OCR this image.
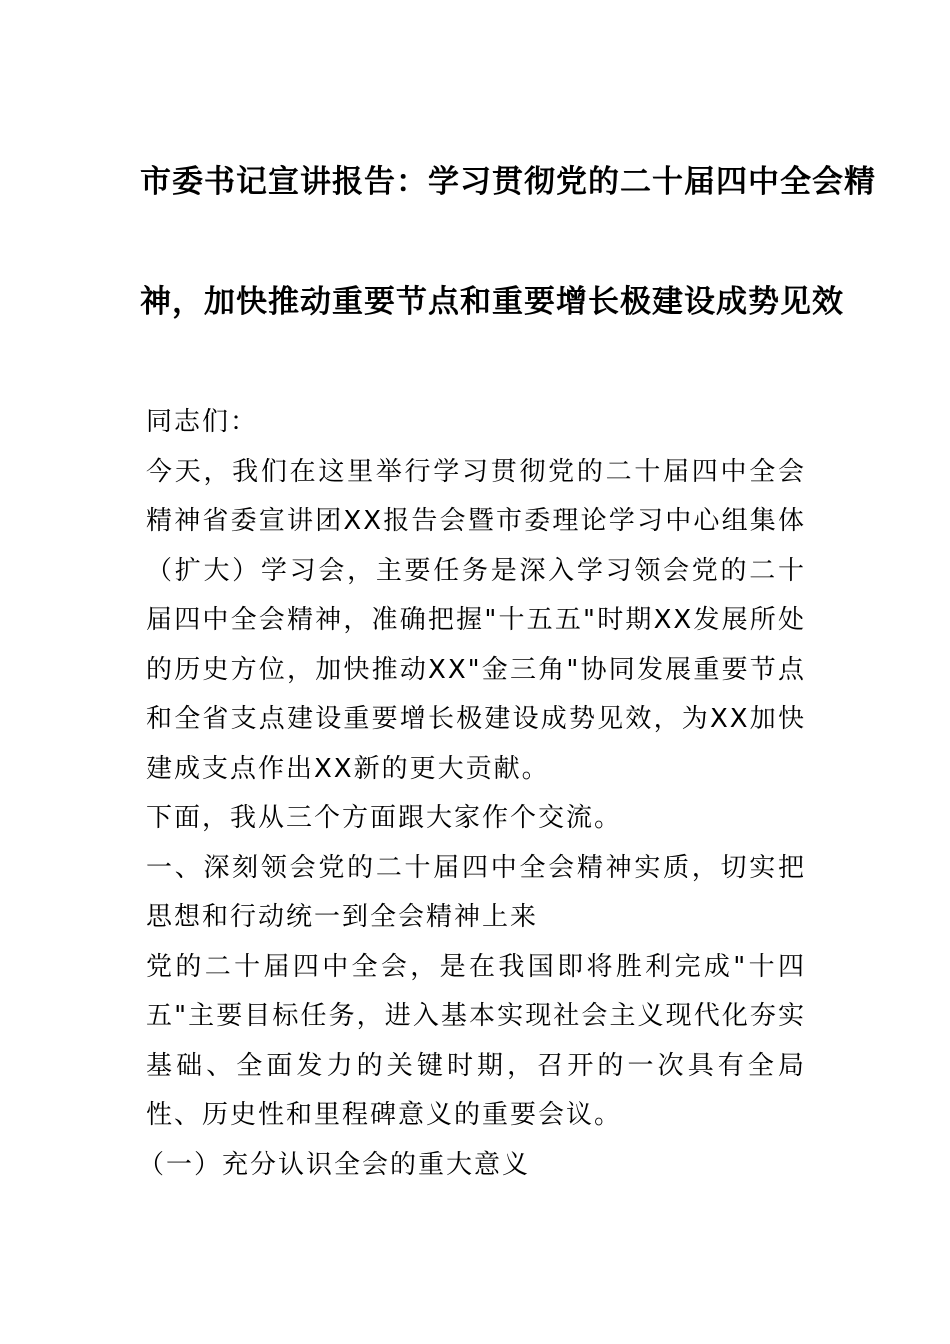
市委书记宣讲报告：学习贯彻党的二十届四中全会精
神，加快推动重要节点和重要增长极建设成势见效

同志们：

今天，我们在这里举行学习贯彻党的二十届四中全会精神省委宣讲团XX报告会暨市委理论学习中心组集体（扩大）学习会，主要任务是深入学习领会党的二十届四中全会精神，准确把握"十五五"时期XX发展所处的历史方位，加快推动XX"金三角"协同发展重要节点和全省支点建设重要增长极建设成势见效，为XX加快建成支点作出XX新的更大贡献。

下面，我从三个方面跟大家作个交流。

一、深刻领会党的二十届四中全会精神实质，切实把思想和行动统一到全会精神上来

党的二十届四中全会，是在我国即将胜利完成"十四五"主要目标任务，进入基本实现社会主义现代化夯实基础、全面发力的关键时期，召开的一次具有全局性、历史性和里程碑意义的重要会议。

（一）充分认识全会的重大意义
